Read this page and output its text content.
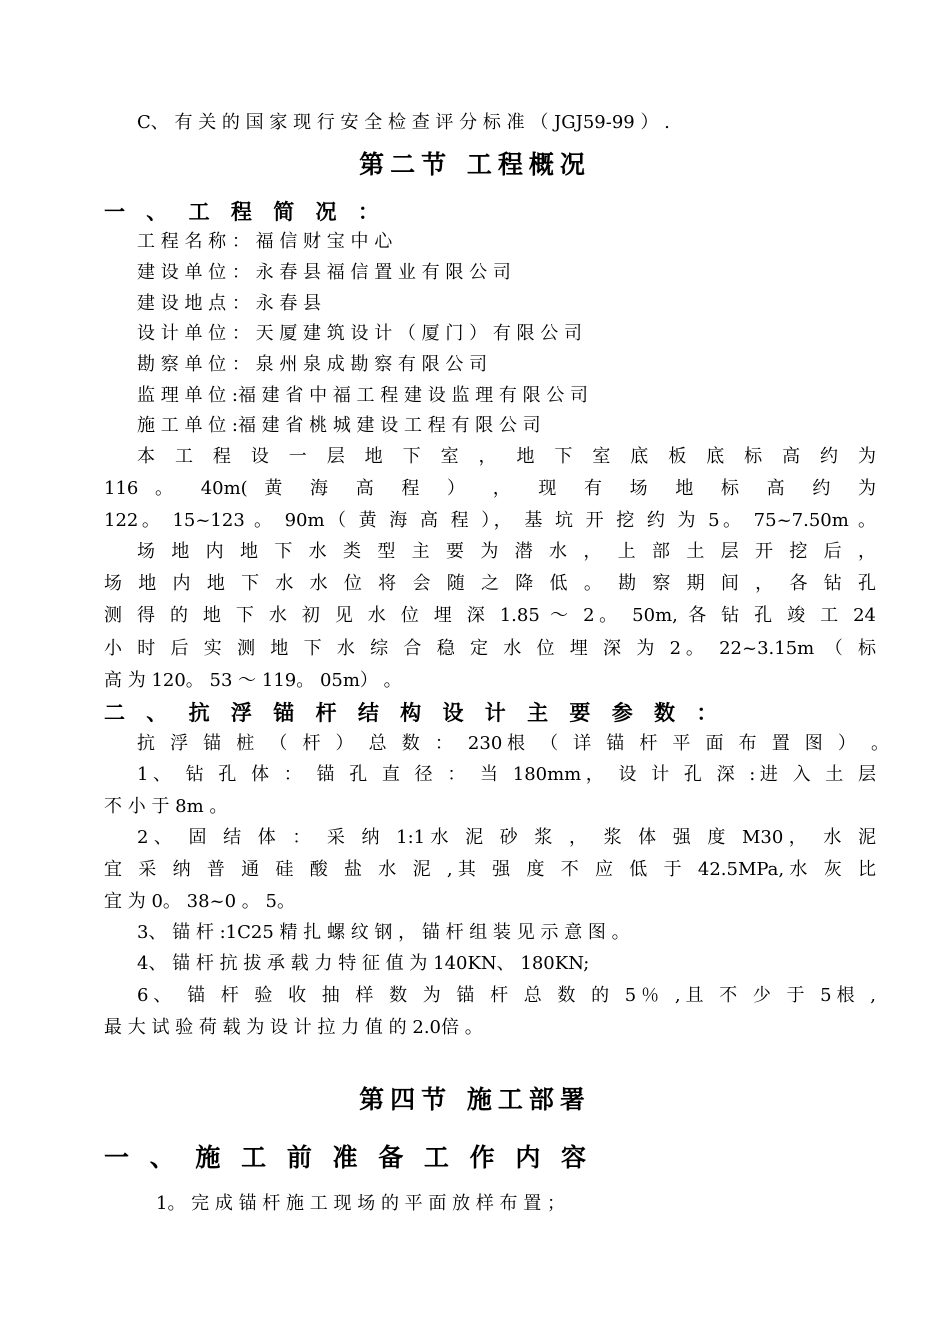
C、 有 关 的 国 家 现 行 安 全 检 查 评 分 标 准 （ JGJ59-99 ） .
第二节 工程概况
一 、 工 程 简 况 ：
工 程 名 称 ： 福 信 财 宝 中 心
建 设 单 位 ： 永 春 县 福 信 置 业 有 限 公 司
建 设 地 点 ： 永 春 县
设 计 单 位 ： 天 厦 建 筑 设 计 （ 厦 门 ） 有 限 公 司
勘 察 单 位 ： 泉 州 泉 成 勘 察 有 限 公 司
监 理 单 位 :福 建 省 中 福 工 程 建 设 监 理 有 限 公 司
施 工 单 位 :福 建 省 桃 城 建 设 工 程 有 限 公 司
本 工 程 设 一 层 地 下 室 ， 地 下 室 底 板 底 标 高 约 为
116 。 40m( 黄 海 高 程 ） ， 现 有 场 地 标 高 约 为
122。 15~123 。 90m（ 黄 海 高 程 ）， 基 坑 开 挖 约 为 5。 75~7.50m 。
场 地 内 地 下 水 类 型 主 要 为 潜 水 ， 上 部 土 层 开 挖 后 ，
场 地 内 地 下 水 水 位 将 会 随 之 降 低 。 勘 察 期 间 ， 各 钻 孔
测 得 的 地 下 水 初 见 水 位 埋 深 1.85 ～ 2。 50m, 各 钻 孔 竣 工 24
小 时 后 实 测 地 下 水 综 合 稳 定 水 位 埋 深 为 2。 22~3.15m （ 标
高 为 120。 53 ～ 119。 05m） 。
二 、 抗 浮 锚 杆 结 构 设 计 主 要 参 数 ：
抗 浮 锚 桩 （ 杆 ） 总 数 ： 230根 （ 详 锚 杆 平 面 布 置 图 ） 。
1、 钻 孔 体 ： 锚 孔 直 径 ： 当 180mm， 设 计 孔 深 :进 入 土 层
不 小 于 8m 。
2、 固 结 体 ： 采 纳 1:1水 泥 砂 浆 ， 浆 体 强 度 M30， 水 泥
宜 采 纳 普 通 硅 酸 盐 水 泥 ,其 强 度 不 应 低 于 42.5MPa,水 灰 比
宜 为 0。 38~0 。 5。
3、 锚 杆 :1C25 精 扎 螺 纹 钢 ， 锚 杆 组 装 见 示 意 图 。
4、 锚 杆 抗 拔 承 载 力 特 征 值 为 140KN、 180KN;
6、 锚 杆 验 收 抽 样 数 为 锚 杆 总 数 的 5％ ,且 不 少 于 5根 ,
最 大 试 验 荷 载 为 设 计 拉 力 值 的 2.0倍 。
第四节 施工部署
一 、 施 工 前 准 备 工 作 内 容
1。 完 成 锚 杆 施 工 现 场 的 平 面 放 样 布 置 ；
